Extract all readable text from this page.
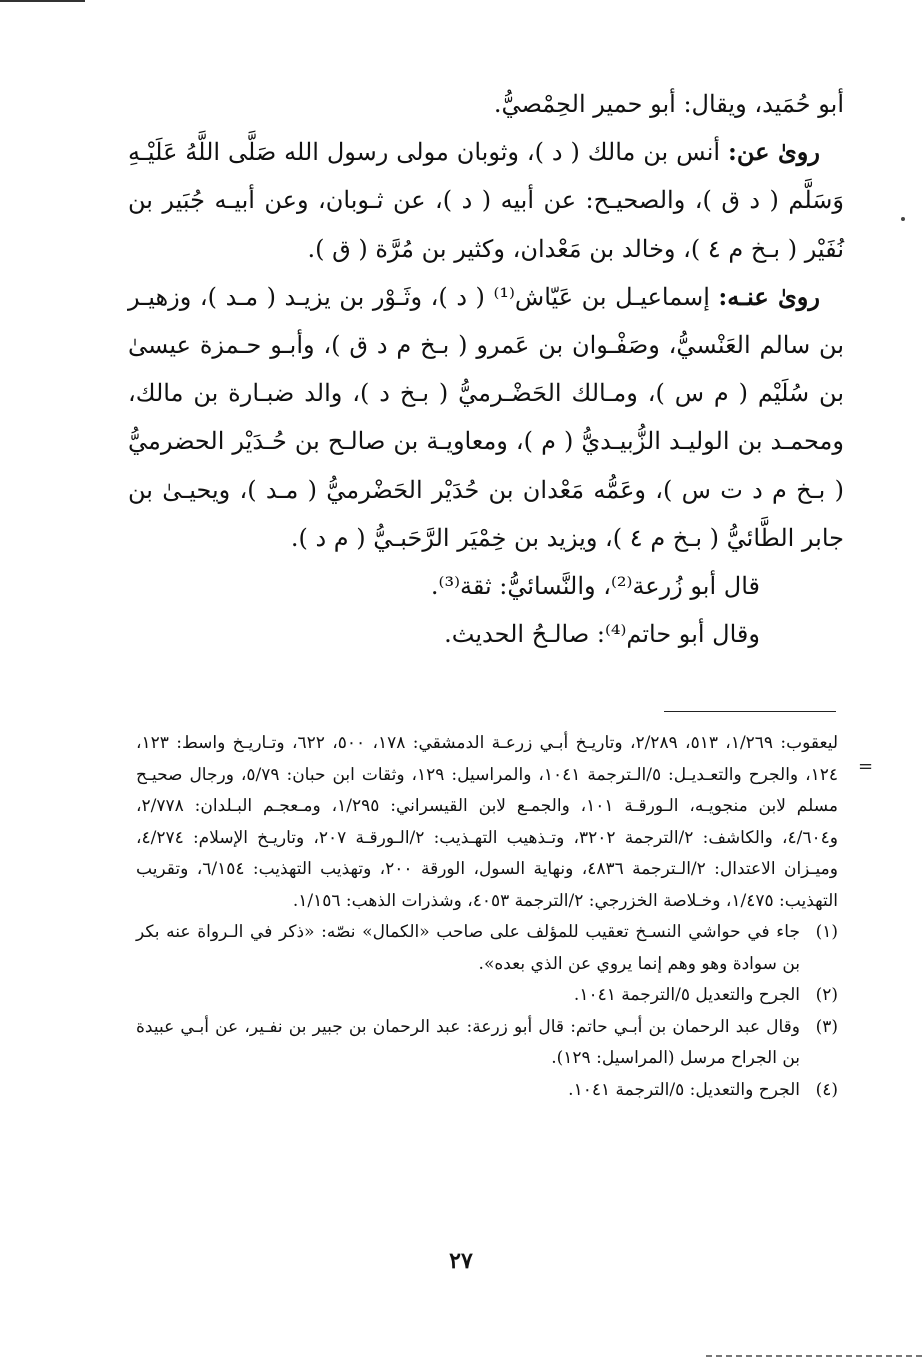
أبو حُمَيد، ويقال: أبو حمير الحِمْصيُّ.

روىٰ عن: أنس بن مالك ( د )، وثوبان مولى رسول الله صَلَّى اللَّهُ عَلَيْـهِ وَسَلَّم ( د ق )، والصحيـح: عن أبيه ( د )، عن ثـوبان، وعن أبيـه جُبَير بن نُفَيْر ( بـخ م ٤ )، وخالد بن مَعْدان، وكثير بن مُرَّة ( ق ).

روىٰ عنـه: إسماعيـل بن عَيّاش⁽¹⁾ ( د )، وثَـوْر بن يزيـد ( مـد )، وزهيـر بن سالم العَنْسيُّ، وصَفْـوان بن عَمرو ( بـخ م د ق )، وأبـو حـمزة عيسىٰ بن سُلَيْم ( م س )، ومـالك الحَضْـرميُّ ( بـخ د )، والد ضبـارة بن مالك، ومحمـد بن الوليـد الزُّبيـديُّ ( م )، ومعاويـة بن صالـح بن حُـدَيْر الحضرميُّ ( بـخ م د ت س )، وعَمُّه مَعْدان بن حُدَيْر الحَضْرميُّ ( مـد )، ويحيـىٰ بن جابر الطَّائيُّ ( بـخ م ٤ )، ويزيد بن خِمْيَر الرَّحَبـيُّ ( م د ).

قال أبو زُرعة⁽²⁾، والنَّسائيُّ: ثقة⁽³⁾.

وقال أبو حاتم⁽⁴⁾: صالـحُ الحديث.

=

ليعقوب: ١/٢٦٩، ٥١٣، ٢/٢٨٩، وتاريـخ أبـي زرعـة الدمشقي: ١٧٨، ٥٠٠، ٦٢٢، وتـاريـخ واسط: ١٢٣، ١٢٤، والجرح والتعـديـل: ٥/الـترجمة ١٠٤١، والمراسيل: ١٢٩، وثقات ابن حبان: ٥/٧٩، ورجال صحيـح مسلم لابن منجويـه، الـورقـة ١٠١، والجمـع لابن القيسراني: ١/٢٩٥، ومـعجـم البـلدان: ٢/٧٧٨، و٤/٦٠٤، والكاشف: ٢/الترجمة ٣٢٠٢، وتـذهيب التهـذيب: ٢/الـورقـة ٢٠٧، وتاريـخ الإسلام: ٤/٢٧٤، وميـزان الاعتدال: ٢/الـترجمة ٤٨٣٦، ونهاية السول، الورقة ٢٠٠، وتهذيب التهذيب: ٦/١٥٤، وتقريب التهذيب: ١/٤٧٥، وخـلاصة الخزرجي: ٢/الترجمة ٤٠٥٣، وشذرات الذهب: ١/١٥٦.

(١)
جاء في حواشي النسـخ تعقيب للمؤلف على صاحب «الكمال» نصّه: «ذكر في الـرواة عنه بكر بن سوادة وهو وهم إنما يروي عن الذي بعده».
(٢)
الجرح والتعديل ٥/الترجمة ١٠٤١.
(٣)
وقال عبد الرحمان بن أبـي حاتم: قال أبو زرعة: عبد الرحمان بن جبير بن نفـير، عن أبـي عبيدة بن الجراح مرسل (المراسيل: ١٢٩).
(٤)
الجرح والتعديل: ٥/الترجمة ١٠٤١.
٢٧
